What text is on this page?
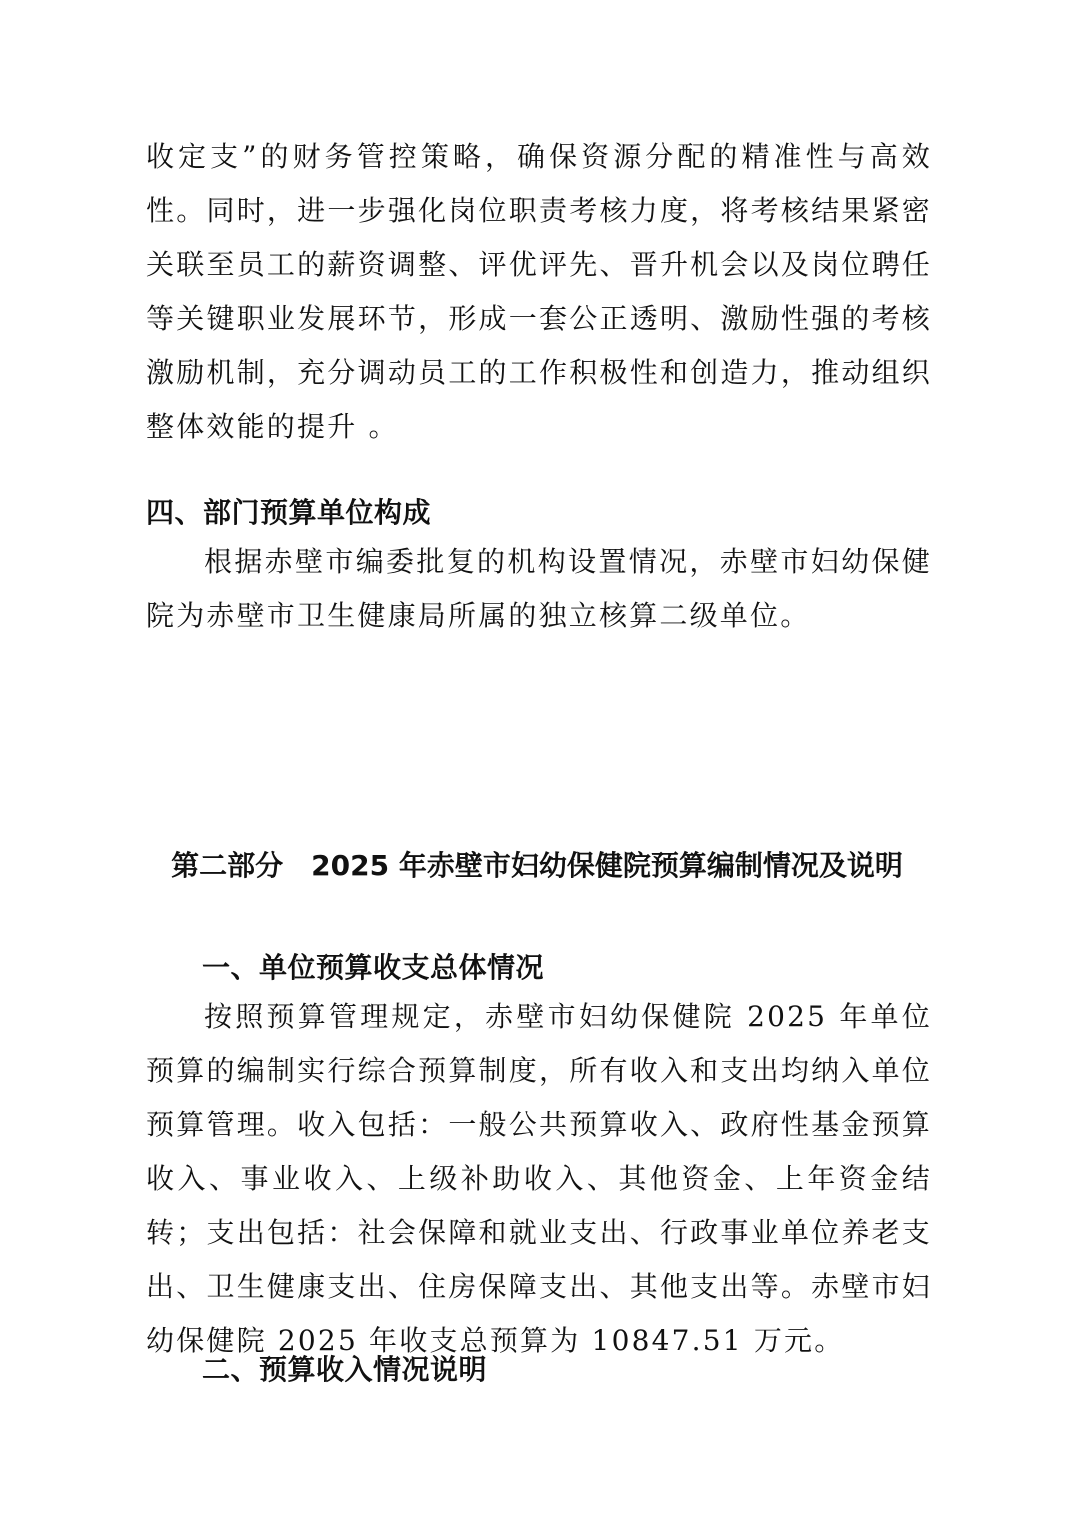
收定支”的财务管控策略，确保资源分配的精准性与高效性。同时，进一步强化岗位职责考核力度，将考核结果紧密关联至员工的薪资调整、评优评先、晋升机会以及岗位聘任等关键职业发展环节，形成一套公正透明、激励性强的考核激励机制，充分调动员工的工作积极性和创造力，推动组织整体效能的提升 。

四、部门预算单位构成

根据赤壁市编委批复的机构设置情况，赤壁市妇幼保健院为赤壁市卫生健康局所属的独立核算二级单位。

第二部分　2025 年赤壁市妇幼保健院预算编制情况及说明
一、单位预算收支总体情况

按照预算管理规定，赤壁市妇幼保健院 2025 年单位预算的编制实行综合预算制度，所有收入和支出均纳入单位预算管理。收入包括：一般公共预算收入、政府性基金预算收入、事业收入、上级补助收入、其他资金、上年资金结转；支出包括：社会保障和就业支出、行政事业单位养老支出、卫生健康支出、住房保障支出、其他支出等。赤壁市妇幼保健院 2025 年收支总预算为 10847.51 万元。

二、预算收入情况说明
